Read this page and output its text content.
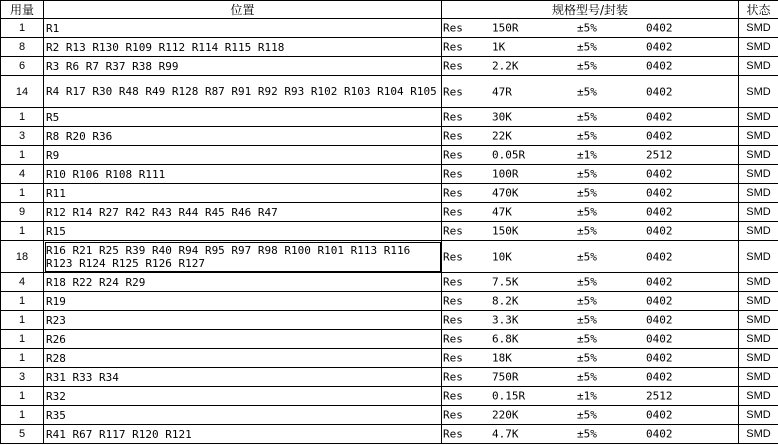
用量	位置	规格型号/封装	状态
1	R1	Res 150R ±5% 0402	SMD
8	R2 R13 R130 R109 R112 R114 R115 R118	Res 1K ±5% 0402	SMD
6	R3 R6 R7 R37 R38 R99	Res 2.2K ±5% 0402	SMD
14	R4 R17 R30 R48 R49 R128 R87 R91 R92 R93 R102 R103 R104 R105	Res 47R ±5% 0402	SMD
1	R5	Res 30K ±5% 0402	SMD
3	R8 R20 R36	Res 22K ±5% 0402	SMD
1	R9	Res 0.05R ±1% 2512	SMD
4	R10 R106 R108 R111	Res 100R ±5% 0402	SMD
1	R11	Res 470K ±5% 0402	SMD
9	R12 R14 R27 R42 R43 R44 R45 R46 R47	Res 47K ±5% 0402	SMD
1	R15	Res 150K ±5% 0402	SMD
18	R16 R21 R25 R39 R40 R94 R95 R97 R98 R100 R101 R113 R116 R123 R124 R125 R126 R127	Res 10K ±5% 0402	SMD
4	R18 R22 R24 R29	Res 7.5K ±5% 0402	SMD
1	R19	Res 8.2K ±5% 0402	SMD
1	R23	Res 3.3K ±5% 0402	SMD
1	R26	Res 6.8K ±5% 0402	SMD
1	R28	Res 18K ±5% 0402	SMD
3	R31 R33 R34	Res 750R ±5% 0402	SMD
1	R32	Res 0.15R ±1% 2512	SMD
1	R35	Res 220K ±5% 0402	SMD
5	R41 R67 R117 R120 R121	Res 4.7K ±5% 0402	SMD
